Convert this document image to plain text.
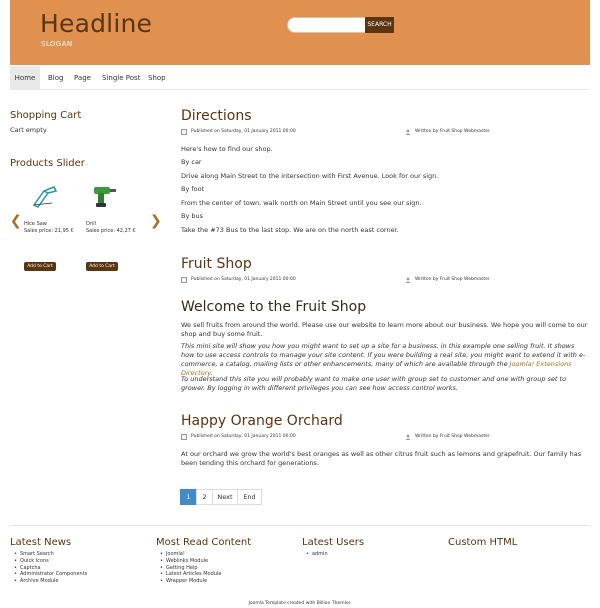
Headline
SLOGAN
SEARCH
Home	Blog Page Single Post Shop
Shopping Cart
Cart empty
Products Slider
❮	❯
Hice Saw
Sales price: 21,95 €
Add to Cart
Drill
Sales price: 42,27 €
Add to Cart
Directions
Published on Saturday, 01 January 2011 00:00	Written by Fruit Shop Webmaster
Here's how to find our shop.
By car
Drive along Main Street to the intersection with First Avenue. Look for our sign.
By foot
From the center of town, walk north on Main Street until you see our sign.
By bus
Take the #73 Bus to the last stop. We are on the north east corner.
Fruit Shop
Published on Saturday, 01 January 2011 00:00	Written by Fruit Shop Webmaster
Welcome to the Fruit Shop
We sell fruits from around the world. Please use our website to learn more about our business. We hope you will come to our shop and buy some fruit.
This mini site will show you how you might want to set up a site for a business, in this example one selling fruit. It shows how to use access controls to manage your site content. If you were building a real site, you might want to extend it with e-commerce, a catalog, mailing lists or other enhancements, many of which are available through the Joomla! Extensions Directory.
To understand this site you will probably want to make one user with group set to customer and one with group set to grower. By logging in with different privileges you can see how access control works.
Happy Orange Orchard
Published on Saturday, 01 January 2011 00:00	Written by Fruit Shop Webmaster
At our orchard we grow the world's best oranges as well as other citrus fruit such as lemons and grapefruit. Our family has been tending this orchard for generations.
1	2	Next	End
Latest News
• Smart Search
• Quick Icons
• Captcha
• Administrator Components
• Archive Module
Most Read Content
• Joomla!
• Weblinks Module
• Getting Help
• Latest Articles Module
• Wrapper Module
Latest Users
• admin
Custom HTML
Joomla Template created with Billion Themler.
